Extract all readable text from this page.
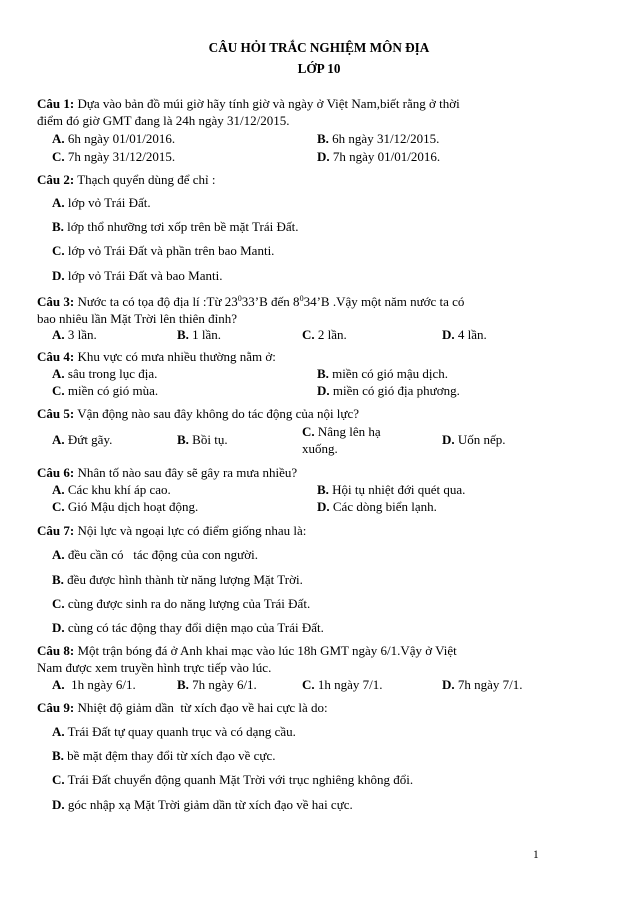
CÂU HỎI TRẮC NGHIỆM MÔN ĐỊA
LỚP 10
Câu 1: Dựa vào bản đồ múi giờ hãy tính giờ và ngày ở Việt Nam,biết rằng ở thời
điểm đó giờ GMT đang là 24h ngày 31/12/2015.
A. 6h ngày 01/01/2016.	B. 6h ngày 31/12/2015.
C. 7h ngày 31/12/2015.	D. 7h ngày 01/01/2016.
Câu 2: Thạch quyển dùng để chỉ :
A. lớp vỏ Trái Đất.
B. lớp thổ nhưỡng tơi xốp trên bề mặt Trái Đất.
C. lớp vỏ Trái Đất và phần trên bao Manti.
D. lớp vỏ Trái Đất và bao Manti.
Câu 3: Nước ta có tọa độ địa lí :Từ $23^033’B$ đến $8^034’B$ .Vậy một năm nước ta có
bao nhiêu lần Mặt Trời lên thiên đỉnh?
A. 3 lần.	B. 1 lần.	C. 2 lần.	D. 4 lần.
Câu 4: Khu vực có mưa nhiều thường nằm ở:
A. sâu trong lục địa.	B. miền có gió mậu dịch.
C. miền có gió mùa.	D. miền có gió địa phương.
Câu 5: Vận động nào sau đây không do tác động của nội lực?
A. Đứt gãy.	B. Bồi tụ.
C. Nâng lên hạ
xuống.
D. Uốn nếp.
Câu 6: Nhân tố nào sau đây sẽ gây ra mưa nhiều?
A. Các khu khí áp cao.	B. Hội tụ nhiệt đới quét qua.
C. Gió Mậu dịch hoạt động.	D. Các dòng biển lạnh.
Câu 7: Nội lực và ngoại lực có điểm giống nhau là:
A. đều cần có   tác động của con người.
B. đều được hình thành từ năng lượng Mặt Trời.
C. cùng được sinh ra do năng lượng của Trái Đất.
D. cùng có tác động thay đổi diện mạo của Trái Đất.
Câu 8: Một trận bóng đá ở Anh khai mạc vào lúc 18h GMT ngày 6/1.Vậy ở Việt
Nam được xem truyền hình trực tiếp vào lúc.
A.  1h ngày 6/1.	B. 7h ngày 6/1.	C. 1h ngày 7/1.	D. 7h ngày 7/1.
Câu 9: Nhiệt độ giảm dần  từ xích đạo về hai cực là do:
A. Trái Đất tự quay quanh trục và có dạng cầu.
B. bề mặt đệm thay đổi từ xích đạo về cực.
C. Trái Đất chuyển động quanh Mặt Trời với trục nghiêng không đổi.
D. góc nhập xạ Mặt Trời giảm dần từ xích đạo về hai cực.
1
